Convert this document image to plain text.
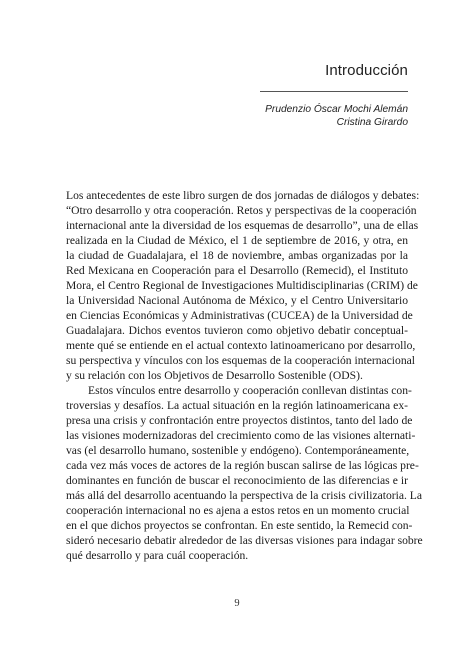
Introducción
Prudenzio Óscar Mochi Alemán
Cristina Girardo
Los antecedentes de este libro surgen de dos jornadas de diálogos y debates:
“Otro desarrollo y otra cooperación. Retos y perspectivas de la cooperación
internacional ante la diversidad de los esquemas de desarrollo”, una de ellas
realizada en la Ciudad de México, el 1 de septiembre de 2016, y otra, en
la ciudad de Guadalajara, el 18 de noviembre, ambas organizadas por la
Red Mexicana en Cooperación para el Desarrollo (Remecid), el Instituto
Mora, el Centro Regional de Investigaciones Multidisciplinarias (CRIM) de
la Universidad Nacional Autónoma de México, y el Centro Universitario
en Ciencias Económicas y Administrativas (CUCEA) de la Universidad de
Guadalajara. Dichos eventos tuvieron como objetivo debatir conceptual-
mente qué se entiende en el actual contexto latinoamericano por desarrollo,
su perspectiva y vínculos con los esquemas de la cooperación internacional
y su relación con los Objetivos de Desarrollo Sostenible (ODS).
Estos vínculos entre desarrollo y cooperación conllevan distintas con-
troversias y desafíos. La actual situación en la región latinoamericana ex-
presa una crisis y confrontación entre proyectos distintos, tanto del lado de
las visiones modernizadoras del crecimiento como de las visiones alternati-
vas (el desarrollo humano, sostenible y endógeno). Contemporáneamente,
cada vez más voces de actores de la región buscan salirse de las lógicas pre-
dominantes en función de buscar el reconocimiento de las diferencias e ir
más allá del desarrollo acentuando la perspectiva de la crisis civilizatoria. La
cooperación internacional no es ajena a estos retos en un momento crucial
en el que dichos proyectos se confrontan. En este sentido, la Remecid con-
sideró necesario debatir alrededor de las diversas visiones para indagar sobre
qué desarrollo y para cuál cooperación.
9
